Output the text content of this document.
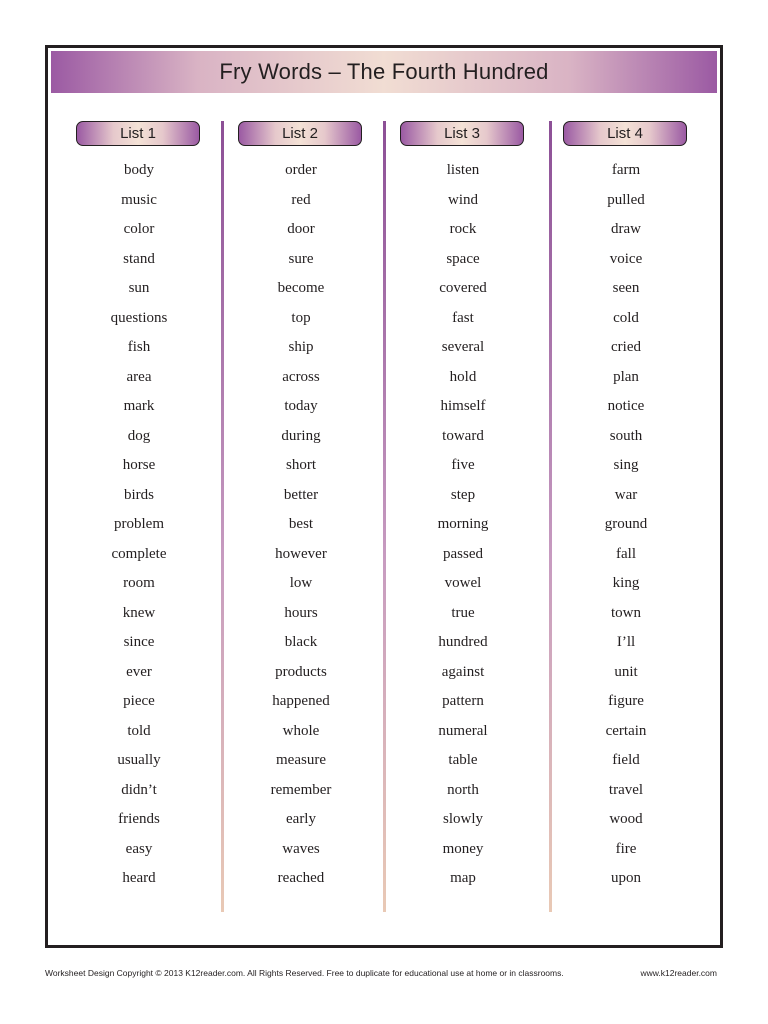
Fry Words – The Fourth Hundred
List 1
body
music
color
stand
sun
questions
fish
area
mark
dog
horse
birds
problem
complete
room
knew
since
ever
piece
told
usually
didn’t
friends
easy
heard
List 2
order
red
door
sure
become
top
ship
across
today
during
short
better
best
however
low
hours
black
products
happened
whole
measure
remember
early
waves
reached
List 3
listen
wind
rock
space
covered
fast
several
hold
himself
toward
five
step
morning
passed
vowel
true
hundred
against
pattern
numeral
table
north
slowly
money
map
List 4
farm
pulled
draw
voice
seen
cold
cried
plan
notice
south
sing
war
ground
fall
king
town
I’ll
unit
figure
certain
field
travel
wood
fire
upon
Worksheet Design Copyright © 2013 K12reader.com. All Rights Reserved. Free to duplicate for educational use at home or in classrooms.	www.k12reader.com
